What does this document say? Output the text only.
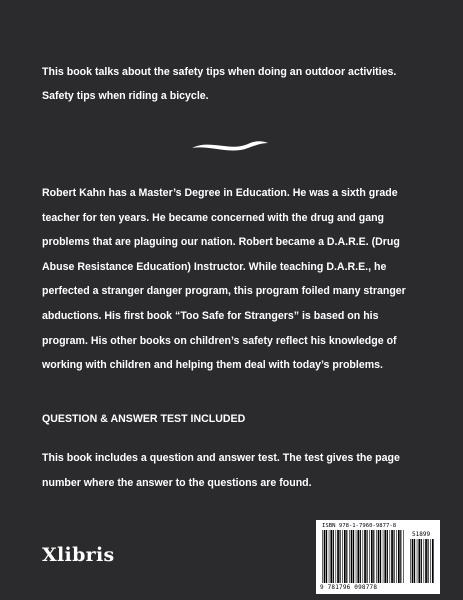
This book talks about the safety tips when doing an outdoor activities.

Safety tips when riding a bicycle.

Robert Kahn has a Master’s Degree in Education. He was a sixth grade
teacher for ten years. He became concerned with the drug and gang
problems that are plaguing our nation. Robert became a D.A.R.E. (Drug
Abuse Resistance Education) Instructor. While teaching D.A.R.E., he
perfected a stranger danger program, this program foiled many stranger
abductions. His first book “Too Safe for Strangers” is based on his
program. His other books on children’s safety reflect his knowledge of
working with children and helping them deal with today’s problems.

QUESTION & ANSWER TEST INCLUDED

This book includes a question and answer test. The test gives the page
number where the answer to the questions are found.
Xlibris
ISBN 978-1-7960-9877-8
51899
9 781796 098778
